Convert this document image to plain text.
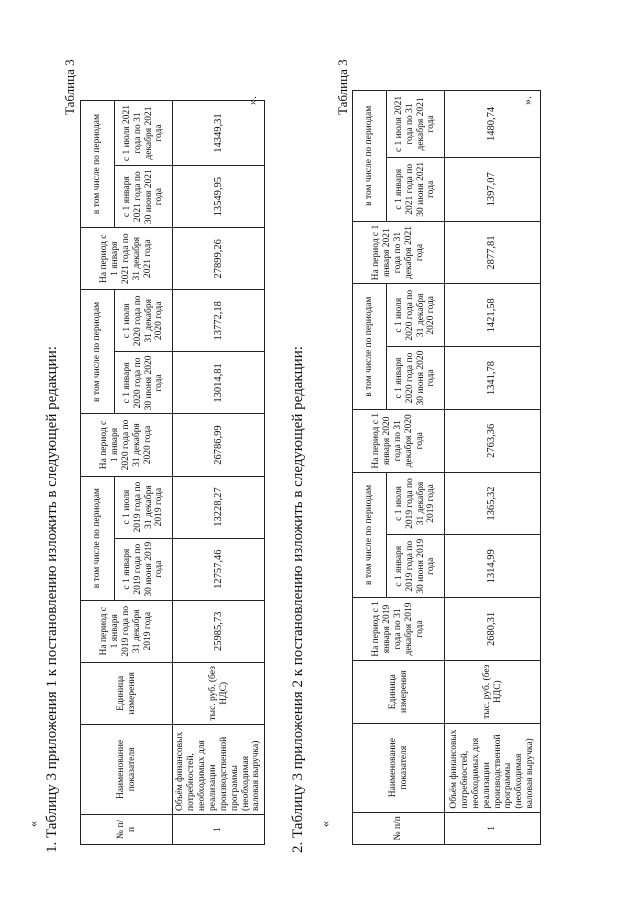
« 1. Таблицу 3 приложения 1 к постановлению изложить в следующей редакции:
Таблица 3	».
№ п/п	Наименование показателя	Единица измерения	На период с 1 января 2019 года по 31 декабря 2019 года	в том числе по периодам		На период с 1 января 2020 года по 31 декабря 2020 года	в том числе по периодам		На период с 1 января 2021 года по 31 декабря 2021 года	в том числе по периодам	
				с 1 января 2019 года по 30 июня 2019 года	с 1 июля 2019 года по 31 декабря 2019 года		с 1 января 2020 года по 30 июня 2020 года	с 1 июля 2020 года по 31 декабря 2020 года		с 1 января 2021 года по 30 июня 2021 года	с 1 июля 2021 года по 31 декабря 2021 года
1	Объём финансовых потребностей, необходимых для реализации производственной программы (необходимая валовая выручка)	тыс. руб. (без НДС)	25985,73	12757,46	13228,27	26786,99	13014,81	13772,18	27899,26	13549,95	14349,31
«
2. Таблицу 3 приложения 2 к постановлению изложить в следующей редакции:
Таблица 3	».
№ п/п	Наименование показателя	Единица измерения	На период с 1 января 2019 года по 31 декабря 2019 года	в том числе по периодам		На период с 1 января 2020 года по 31 декабря 2020 года	в том числе по периодам		На период с 1 января 2021 года по 31 декабря 2021 года	в том числе по периодам	
				с 1 января 2019 года по 30 июня 2019 года	с 1 июля 2019 года по 31 декабря 2019 года		с 1 января 2020 года по 30 июня 2020 года	с 1 июля 2020 года по 31 декабря 2020 года		с 1 января 2021 года по 30 июня 2021 года	с 1 июля 2021 года по 31 декабря 2021 года
1	Объём финансовых потребностей, необходимых для реализации производственной программы (необходимая валовая выручка)	тыс. руб. (без НДС)	2680,31	1314,99	1365,32	2763,36	1341,78	1421,58	2877,81	1397,07	1480,74
